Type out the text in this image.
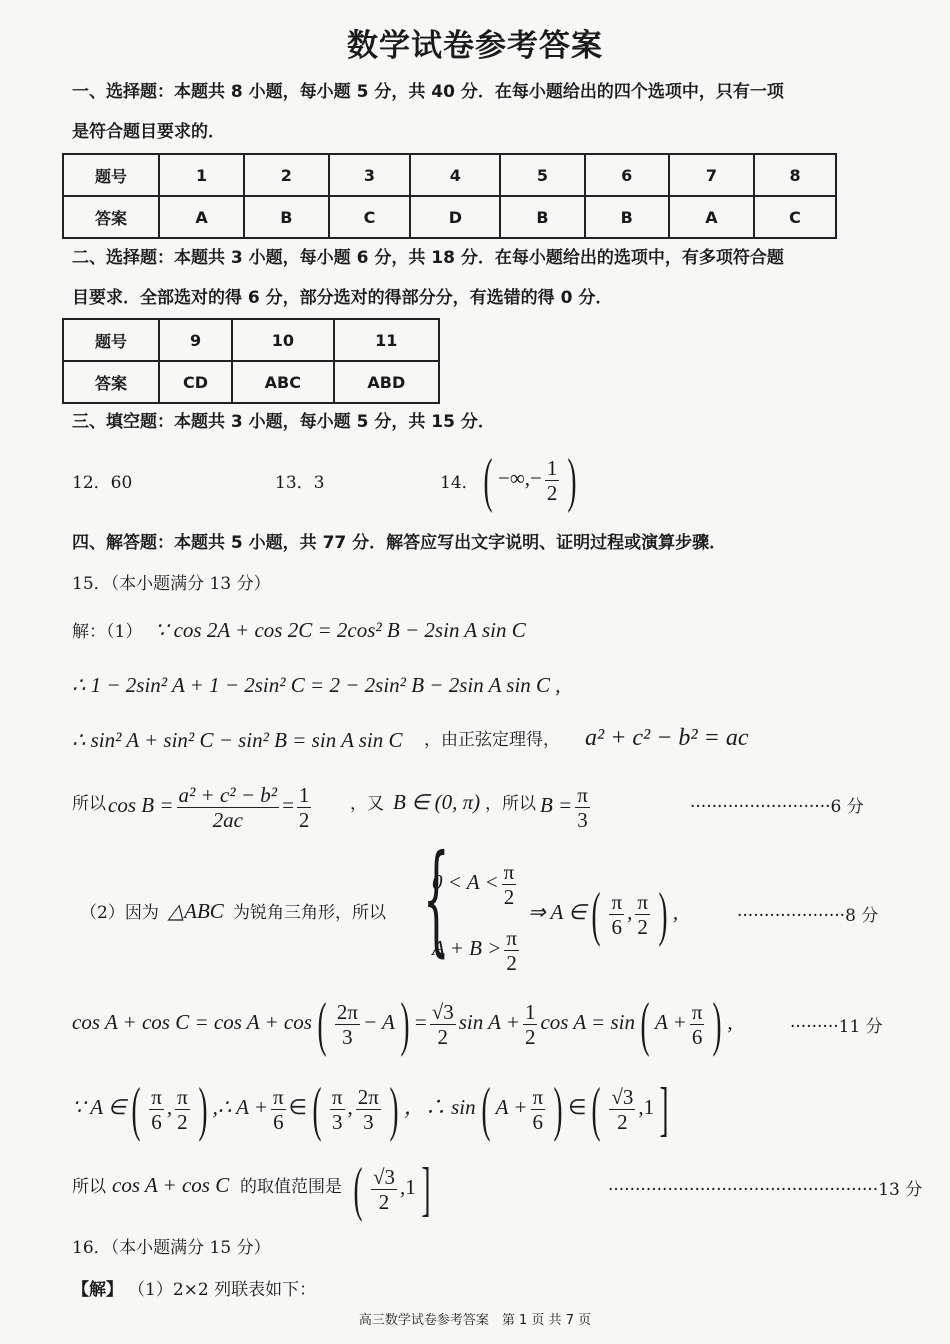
数学试卷参考答案
一、选择题：本题共 8 小题，每小题 5 分，共 40 分．在每小题给出的四个选项中，只有一项
是符合题目要求的．
题号	1	2	3	4	5	6	7	8
答案	A	B	C	D	B	B	A	C
二、选择题：本题共 3 小题，每小题 6 分，共 18 分．在每小题给出的选项中，有多项符合题
目要求．全部选对的得 6 分，部分选对的得部分分，有选错的得 0 分．
题号	9	10	11
答案	CD	ABC	ABD
三、填空题：本题共 3 小题，每小题 5 分，共 15 分．
12．60	13．3	14． ( −∞,− $\frac{1}{2}$ )
四、解答题：本题共 5 小题，共 77 分．解答应写出文字说明、证明过程或演算步骤．
15．（本小题满分 13 分）
解：（1） ∵ cos 2A + cos 2C = 2cos² B − 2sin A sin C
∴ 1 − 2sin² A + 1 − 2sin² C = 2 − 2sin² B − 2sin A sin C ,
∴ sin² A + sin² C − sin² B = sin A sin C ，由正弦定理得， a² + c² − b² = ac
所以 $\cos B = \frac{\text{a² + c² − b²}}{2ac} = \frac{1}{2}$ ，又 B ∈ (0, π) ，所以 $B = \frac{\pi}{3}$	··························6 分
（2）因为 △ABC 为锐角三角形，所以 {
$0 < A < \frac{\pi}{2}$
$A + B > \frac{\pi}{2}$
⇒ A ∈( $\frac{\pi}{6}$ , $\frac{\pi}{2}$ ) ,	····················8 分
$\cos A + \cos C = \cos A + \cos( \frac{2\pi}{3} - A) = \frac{√3}{2}$ $\sin A + \frac{1}{2}$ cos A = sin( $A + \frac{\pi}{6}$ ) ,	·········11 分
∵ A ∈( $\frac{\pi}{6}$ , $\frac{\pi}{2}$ ) ,∴ $A + \frac{\pi}{6}$ ∈( $\frac{\pi}{3}$ , $\frac{2\pi}{3}$ ) ，∴ sin( $A + \frac{\pi}{6}$ ) ∈( $\frac{√3}{2} ,1$]
所以 cos A + cos C 的取值范围是 ( $\frac{√3}{2} ,1$]	··················································13 分
16．（本小题满分 15 分）
【解】 （1）2×2 列联表如下：
高三数学试卷参考答案　第 1 页 共 7 页
